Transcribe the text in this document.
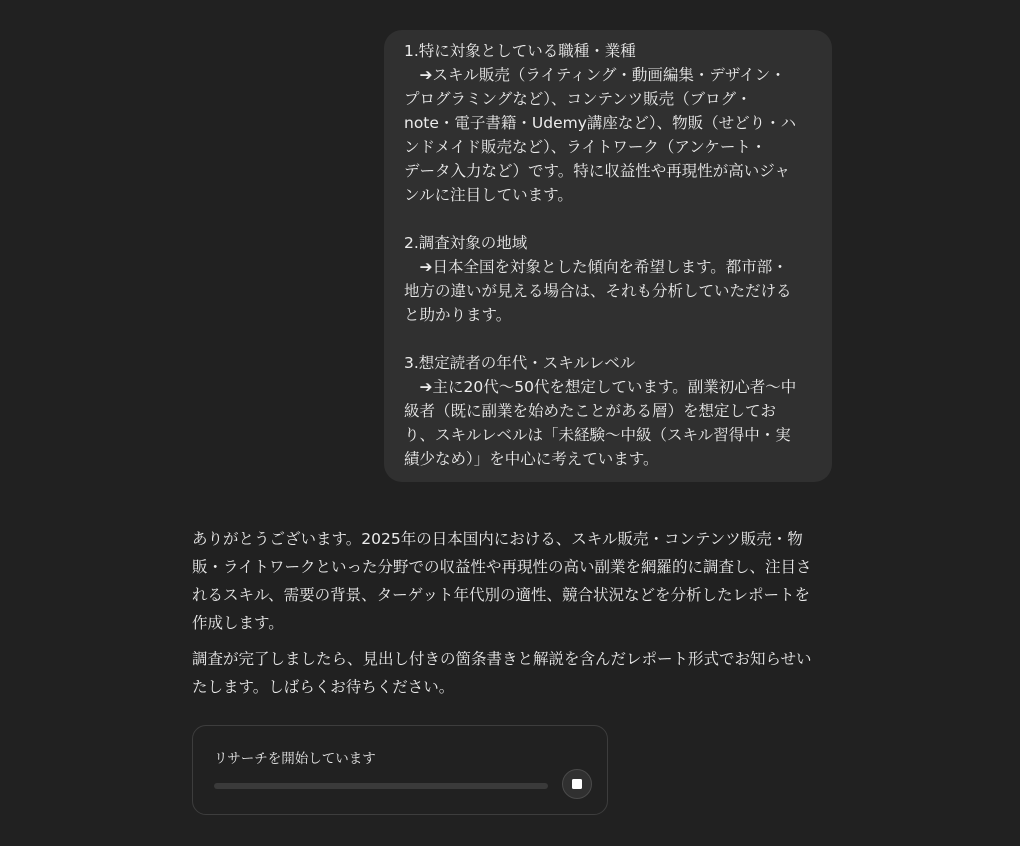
1.特に対象としている職種・業種
　➔スキル販売（ライティング・動画編集・デザイン・
プログラミングなど）、コンテンツ販売（ブログ・
note・電子書籍・Udemy講座など）、物販（せどり・ハ
ンドメイド販売など）、ライトワーク（アンケート・
データ入力など）です。特に収益性や再現性が高いジャ
ンルに注目しています。
2.調査対象の地域
　➔日本全国を対象とした傾向を希望します。都市部・
地方の違いが見える場合は、それも分析していただける
と助かります。
3.想定読者の年代・スキルレベル
　➔主に20代〜50代を想定しています。副業初心者〜中
級者（既に副業を始めたことがある層）を想定してお
り、スキルレベルは「未経験〜中級（スキル習得中・実
績少なめ）」を中心に考えています。

ありがとうございます。2025年の日本国内における、スキル販売・コンテンツ販売・物
販・ライトワークといった分野での収益性や再現性の高い副業を網羅的に調査し、注目さ
れるスキル、需要の背景、ターゲット年代別の適性、競合状況などを分析したレポートを
作成します。

調査が完了しましたら、見出し付きの箇条書きと解説を含んだレポート形式でお知らせい
たします。しばらくお待ちください。

リサーチを開始しています
